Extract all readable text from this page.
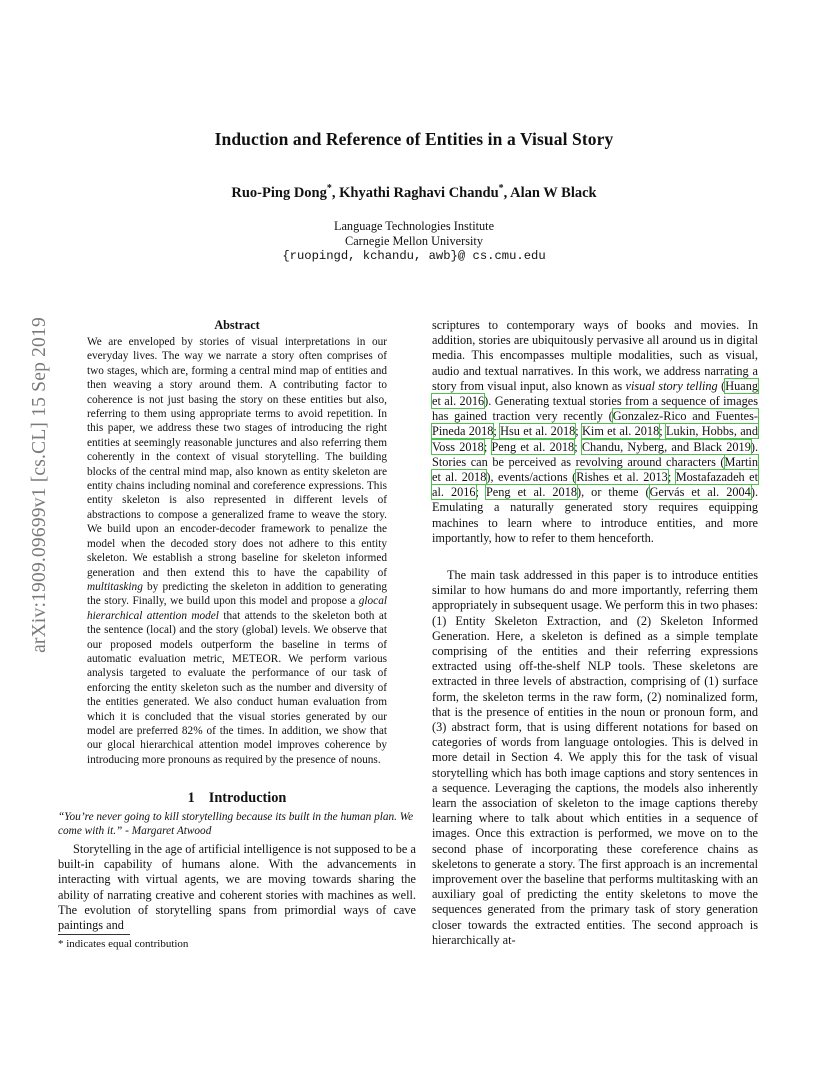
Induction and Reference of Entities in a Visual Story
Ruo-Ping Dong*, Khyathi Raghavi Chandu*, Alan W Black
Language Technologies Institute
Carnegie Mellon University
{ruopingd, kchandu, awb}@ cs.cmu.edu
arXiv:1909.09699v1 [cs.CL] 15 Sep 2019	Abstract
We are enveloped by stories of visual interpretations in our everyday lives. The way we narrate a story often comprises of two stages, which are, forming a central mind map of entities and then weaving a story around them. A contributing factor to coherence is not just basing the story on these entities but also, referring to them using appropriate terms to avoid repetition. In this paper, we address these two stages of introducing the right entities at seemingly reasonable junctures and also referring them coherently in the context of visual storytelling. The building blocks of the central mind map, also known as entity skeleton are entity chains including nominal and coreference expressions. This entity skeleton is also represented in different levels of abstractions to compose a generalized frame to weave the story. We build upon an encoder-decoder framework to penalize the model when the decoded story does not adhere to this entity skeleton. We establish a strong baseline for skeleton informed generation and then extend this to have the capability of multitasking by predicting the skeleton in addition to generating the story. Finally, we build upon this model and propose a glocal hierarchical attention model that attends to the skeleton both at the sentence (local) and the story (global) levels. We observe that our proposed models outperform the baseline in terms of automatic evaluation metric, METEOR. We perform various analysis targeted to evaluate the performance of our task of enforcing the entity skeleton such as the number and diversity of the entities generated. We also conduct human evaluation from which it is concluded that the visual stories generated by our model are preferred 82% of the times. In addition, we show that our glocal hierarchical attention model improves coherence by introducing more pronouns as required by the presence of nouns.
1 Introduction
“You’re never going to kill storytelling because its built in the human plan. We come with it.” - Margaret Atwood
Storytelling in the age of artificial intelligence is not supposed to be a built-in capability of humans alone. With the advancements in interacting with virtual agents, we are moving towards sharing the ability of narrating creative and coherent stories with machines as well. The evolution of storytelling spans from primordial ways of cave paintings and
* indicates equal contribution
scriptures to contemporary ways of books and movies. In addition, stories are ubiquitously pervasive all around us in digital media. This encompasses multiple modalities, such as visual, audio and textual narratives. In this work, we address narrating a story from visual input, also known as visual story telling (Huang et al. 2016). Generating textual stories from a sequence of images has gained traction very recently (Gonzalez-Rico and Fuentes-Pineda 2018; Hsu et al. 2018; Kim et al. 2018; Lukin, Hobbs, and Voss 2018; Peng et al. 2018; Chandu, Nyberg, and Black 2019). Stories can be perceived as revolving around characters (Martin et al. 2018), events/actions (Rishes et al. 2013; Mostafazadeh et al. 2016; Peng et al. 2018), or theme (Gervás et al. 2004). Emulating a naturally generated story requires equipping machines to learn where to introduce entities, and more importantly, how to refer to them henceforth.
The main task addressed in this paper is to introduce entities similar to how humans do and more importantly, referring them appropriately in subsequent usage. We perform this in two phases: (1) Entity Skeleton Extraction, and (2) Skeleton Informed Generation. Here, a skeleton is defined as a simple template comprising of the entities and their referring expressions extracted using off-the-shelf NLP tools. These skeletons are extracted in three levels of abstraction, comprising of (1) surface form, the skeleton terms in the raw form, (2) nominalized form, that is the presence of entities in the noun or pronoun form, and (3) abstract form, that is using different notations for based on categories of words from language ontologies. This is delved in more detail in Section 4. We apply this for the task of visual storytelling which has both image captions and story sentences in a sequence. Leveraging the captions, the models also inherently learn the association of skeleton to the image captions thereby learning where to talk about which entities in a sequence of images. Once this extraction is performed, we move on to the second phase of incorporating these coreference chains as skeletons to generate a story. The first approach is an incremental improvement over the baseline that performs multitasking with an auxiliary goal of predicting the entity skeletons to move the sequences generated from the primary task of story generation closer towards the extracted entities. The second approach is hierarchically at-
